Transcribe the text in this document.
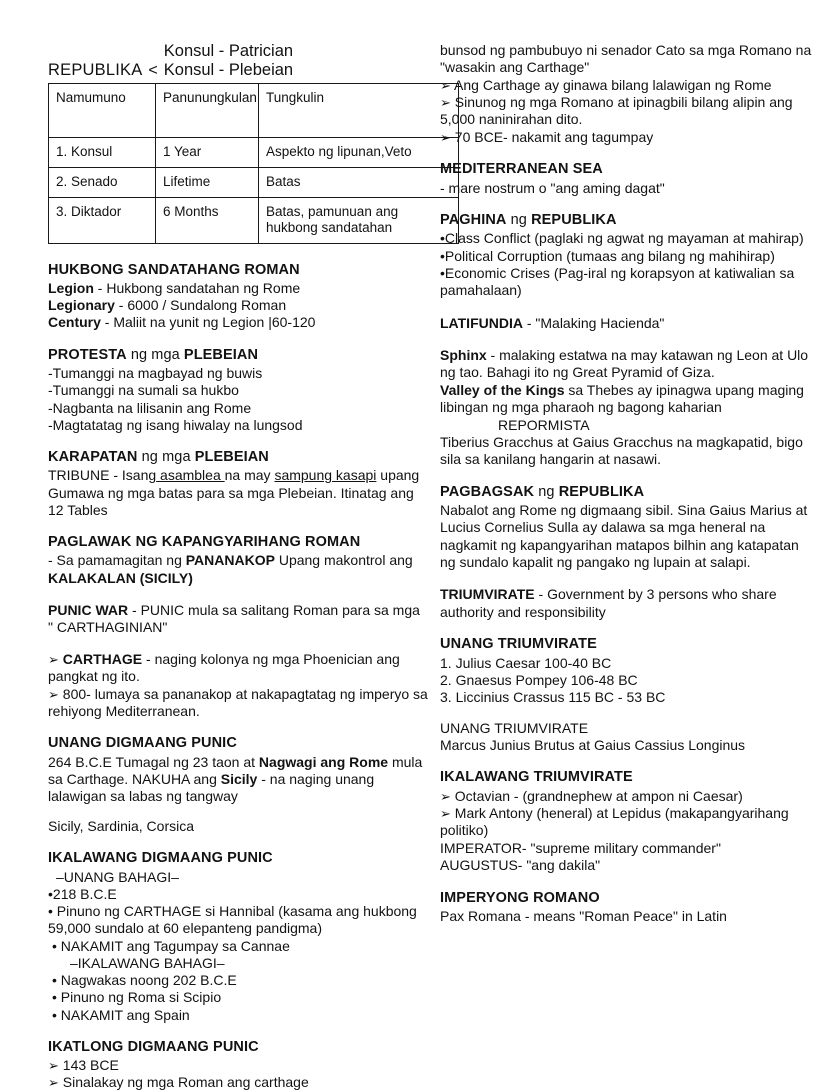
REPUBLIKA <
Konsul - Patrician
Konsul - Plebeian
Namumuno	Panunungkulan	Tungkulin
1. Konsul	1 Year	Aspekto ng lipunan,Veto
2. Senado	Lifetime	Batas
3. Diktador	6 Months	Batas, pamunuan ang hukbong sandatahan
HUKBONG SANDATAHANG ROMAN

Legion - Hukbong sandatahan ng Rome

Legionary - 6000 / Sundalong Roman

Century - Maliit na yunit ng Legion |60-120

PROTESTA ng mga PLEBEIAN

-Tumanggi na magbayad ng buwis

-Tumanggi na sumali sa hukbo

-Nagbanta na lilisanin ang Rome

-Magtatatag ng isang hiwalay na lungsod

KARAPATAN ng mga PLEBEIAN

TRIBUNE - Isang asamblea na may sampung kasapi upang Gumawa ng mga batas para sa mga Plebeian. Itinatag ang 12 Tables

PAGLAWAK NG KAPANGYARIHANG ROMAN

- Sa pamamagitan ng PANANAKOP Upang makontrol ang KALAKALAN (SICILY)

PUNIC WAR - PUNIC mula sa salitang Roman para sa mga ʺ CARTHAGINIANʺ

➢ CARTHAGE - naging kolonya ng mga Phoenician ang pangkat ng ito.

➢ 800- lumaya sa pananakop at nakapagtatag ng imperyo sa rehiyong Mediterranean.

UNANG DIGMAANG PUNIC

264 B.C.E Tumagal ng 23 taon at Nagwagi ang Rome mula sa Carthage. NAKUHA ang Sicily - na naging unang lalawigan sa labas ng tangway

Sicily, Sardinia, Corsica

IKALAWANG DIGMAANG PUNIC

–UNANG BAHAGI–

•218 B.C.E

• Pinuno ng CARTHAGE si Hannibal (kasama ang hukbong 59,000 sundalo at 60 elepanteng pandigma)

• NAKAMIT ang Tagumpay sa Cannae

–IKALAWANG BAHAGI–

• Nagwakas noong 202 B.C.E

• Pinuno ng Roma si Scipio

• NAKAMIT ang Spain

IKATLONG DIGMAANG PUNIC

➢ 143 BCE

➢ Sinalakay ng mga Roman ang carthage

bunsod ng pambubuyo ni senador Cato sa mga Romano na ʺwasakin ang Carthageʺ

➢ Ang Carthage ay ginawa bilang lalawigan ng Rome

➢ Sinunog ng mga Romano at ipinagbili bilang alipin ang 5,000 naninirahan dito.

➢ 70 BCE- nakamit ang tagumpay

MEDITERRANEAN SEA

- mare nostrum o ʺang aming dagatʺ

PAGHINA ng REPUBLIKA

•Class Conflict (paglaki ng agwat ng mayaman at mahirap)

•Political Corruption (tumaas ang bilang ng mahihirap)

•Economic Crises (Pag-iral ng korapsyon at katiwalian sa pamahalaan)

LATIFUNDIA - ʺMalaking Haciendaʺ

Sphinx - malaking estatwa na may katawan ng Leon at Ulo ng tao. Bahagi ito ng Great Pyramid of Giza.

Valley of the Kings sa Thebes ay ipinagwa upang maging libingan ng mga pharaoh ng bagong kaharian

REPORMISTA

Tiberius Gracchus at Gaius Gracchus na magkapatid, bigo sila sa kanilang hangarin at nasawi.

PAGBAGSAK ng REPUBLIKA

Nabalot ang Rome ng digmaang sibil. Sina Gaius Marius at Lucius Cornelius Sulla ay dalawa sa mga heneral na nagkamit ng kapangyarihan matapos bilhin ang katapatan ng sundalo kapalit ng pangako ng lupain at salapi.

TRIUMVIRATE - Government by 3 persons who share authority and responsibility

UNANG TRIUMVIRATE

1. Julius Caesar 100-40 BC

2. Gnaesus Pompey 106-48 BC

3. Liccinius Crassus 115 BC - 53 BC

UNANG TRIUMVIRATE

Marcus Junius Brutus at Gaius Cassius Longinus

IKALAWANG TRIUMVIRATE

➢ Octavian - (grandnephew at ampon ni Caesar)

➢ Mark Antony (heneral) at Lepidus (makapangyarihang politiko)

IMPERATOR- ʺsupreme military commanderʺ

AUGUSTUS- ʺang dakilaʺ

IMPERYONG ROMANO

Pax Romana - means ʺRoman Peaceʺ in Latin
